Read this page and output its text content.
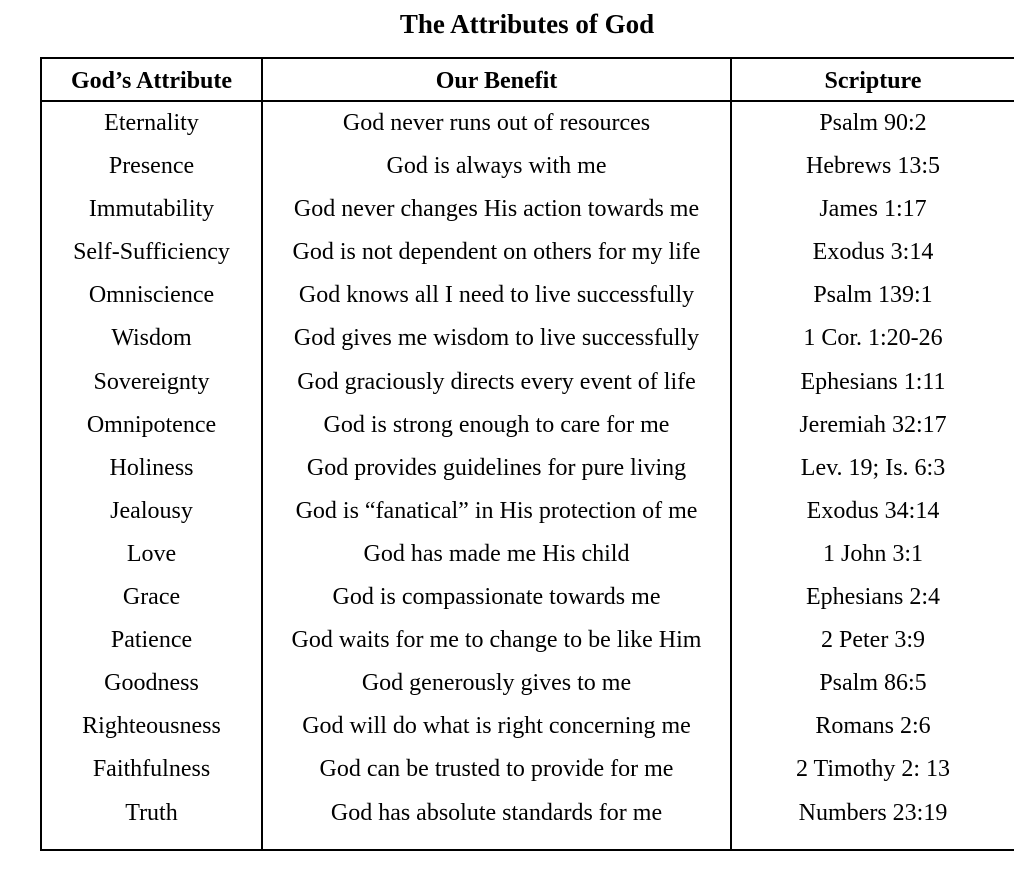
The Attributes of God
God’s Attribute	Our Benefit	Scripture
Eternality	God never runs out of resources	Psalm 90:2
Presence	God is always with me	Hebrews 13:5
Immutability	God never changes His action towards me	James 1:17
Self-Sufficiency	God is not dependent on others for my life	Exodus 3:14
Omniscience	God knows all I need to live successfully	Psalm 139:1
Wisdom	God gives me wisdom to live successfully	1 Cor. 1:20-26
Sovereignty	God graciously directs every event of life	Ephesians 1:11
Omnipotence	God is strong enough to care for me	Jeremiah 32:17
Holiness	God provides guidelines for pure living	Lev. 19; Is. 6:3
Jealousy	God is “fanatical” in His protection of me	Exodus 34:14
Love	God has made me His child	1 John 3:1
Grace	God is compassionate towards me	Ephesians 2:4
Patience	God waits for me to change to be like Him	2 Peter 3:9
Goodness	God generously gives to me	Psalm 86:5
Righteousness	God will do what is right concerning me	Romans 2:6
Faithfulness	God can be trusted to provide for me	2 Timothy 2: 13
Truth	God has absolute standards for me	Numbers 23:19
